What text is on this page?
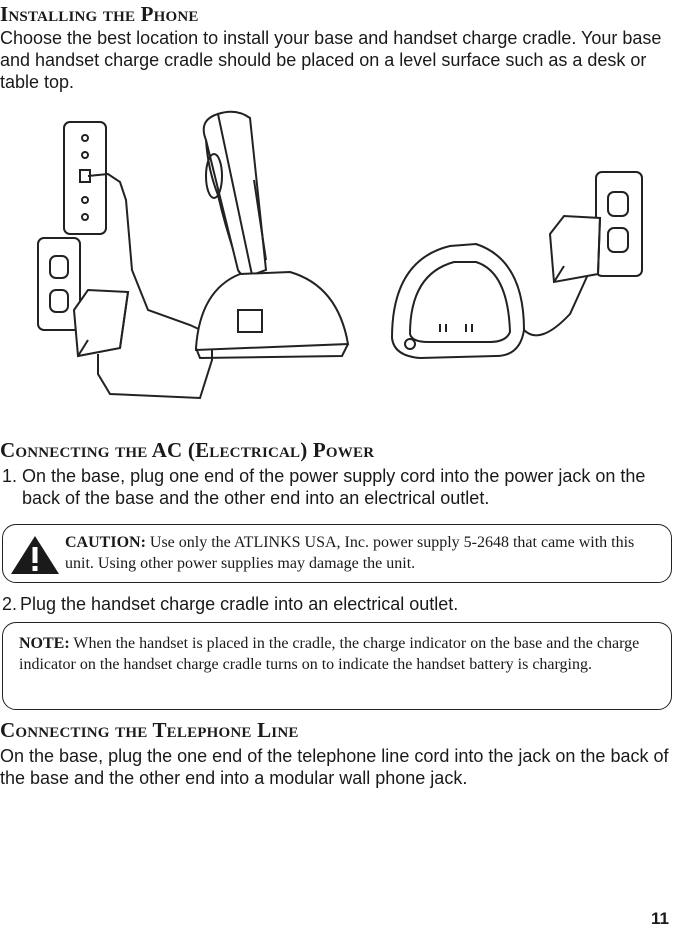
Installing the Phone

Choose the best location to install your base and handset charge cradle. Your base and handset charge cradle should be placed on a level surface such as a desk or table top.

Connecting the AC (Electrical) Power
1. On the base, plug one end of the power supply cord into the power jack on the back of the base and the other end into an electrical outlet.
CAUTION: Use only the ATLINKS USA, Inc. power supply 5-2648 that came with this unit. Using other power supplies may damage the unit.
2. Plug the handset charge cradle into an electrical outlet.
NOTE: When the handset is placed in the cradle, the charge indicator on the base and the charge indicator on the handset charge cradle turns on to indicate the handset battery is charging.
Connecting the Telephone Line

On the base, plug the one end of the telephone line cord into the jack on the back of the base and the other end into a modular wall phone jack.

11
